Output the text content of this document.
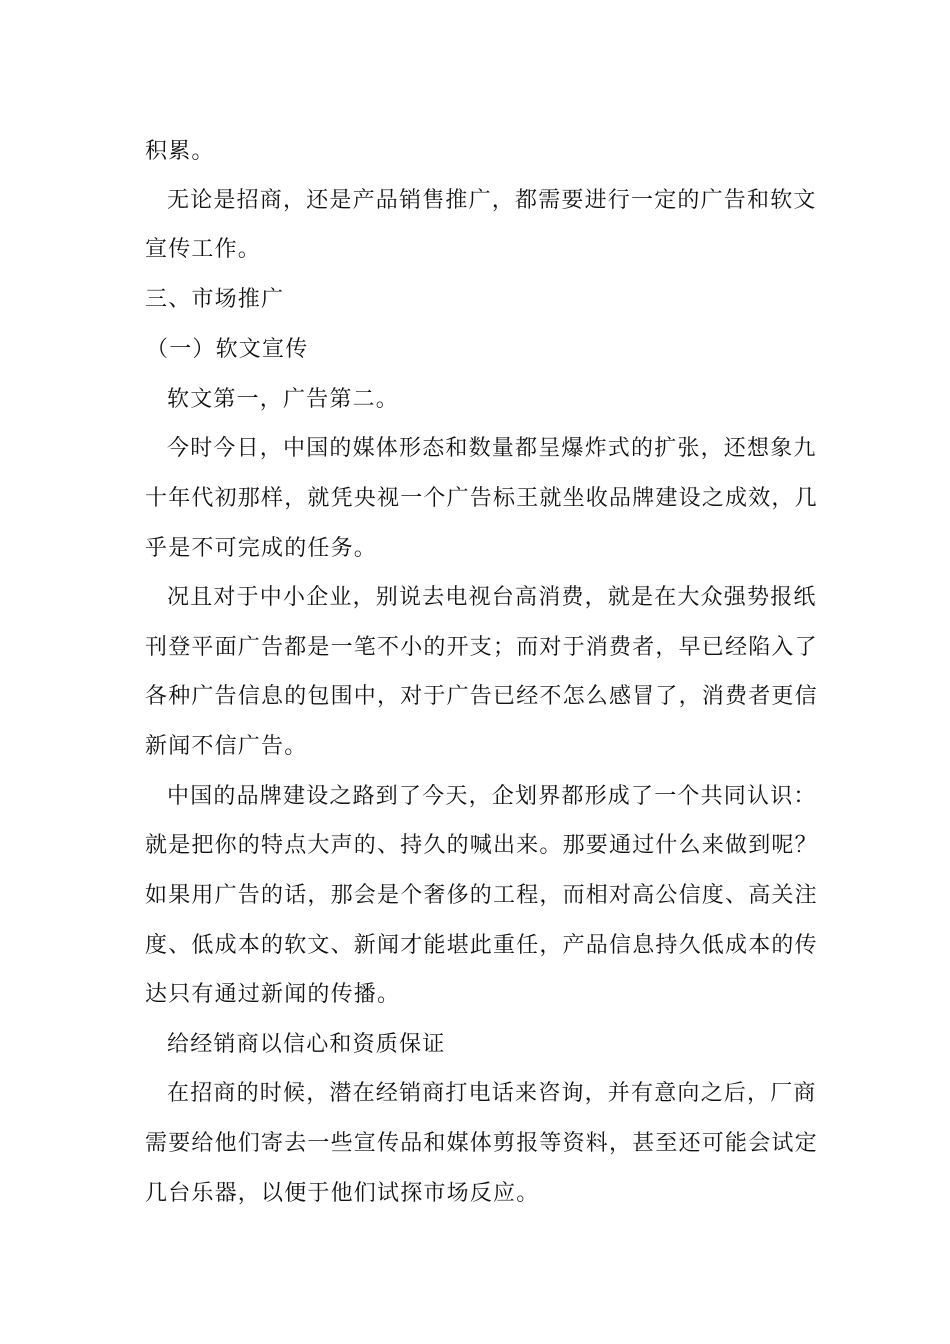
积累。
无论是招商，还是产品销售推广，都需要进行一定的广告和软文
宣传工作。
三、市场推广
（一）软文宣传
软文第一，广告第二。
今时今日，中国的媒体形态和数量都呈爆炸式的扩张，还想象九
十年代初那样，就凭央视一个广告标王就坐收品牌建设之成效，几
乎是不可完成的任务。
况且对于中小企业，别说去电视台高消费，就是在大众强势报纸
刊登平面广告都是一笔不小的开支；而对于消费者，早已经陷入了
各种广告信息的包围中，对于广告已经不怎么感冒了，消费者更信
新闻不信广告。
中国的品牌建设之路到了今天，企划界都形成了一个共同认识：
就是把你的特点大声的、持久的喊出来。那要通过什么来做到呢？
如果用广告的话，那会是个奢侈的工程，而相对高公信度、高关注
度、低成本的软文、新闻才能堪此重任，产品信息持久低成本的传
达只有通过新闻的传播。
给经销商以信心和资质保证
在招商的时候，潜在经销商打电话来咨询，并有意向之后，厂商
需要给他们寄去一些宣传品和媒体剪报等资料，甚至还可能会试定
几台乐器，以便于他们试探市场反应。
